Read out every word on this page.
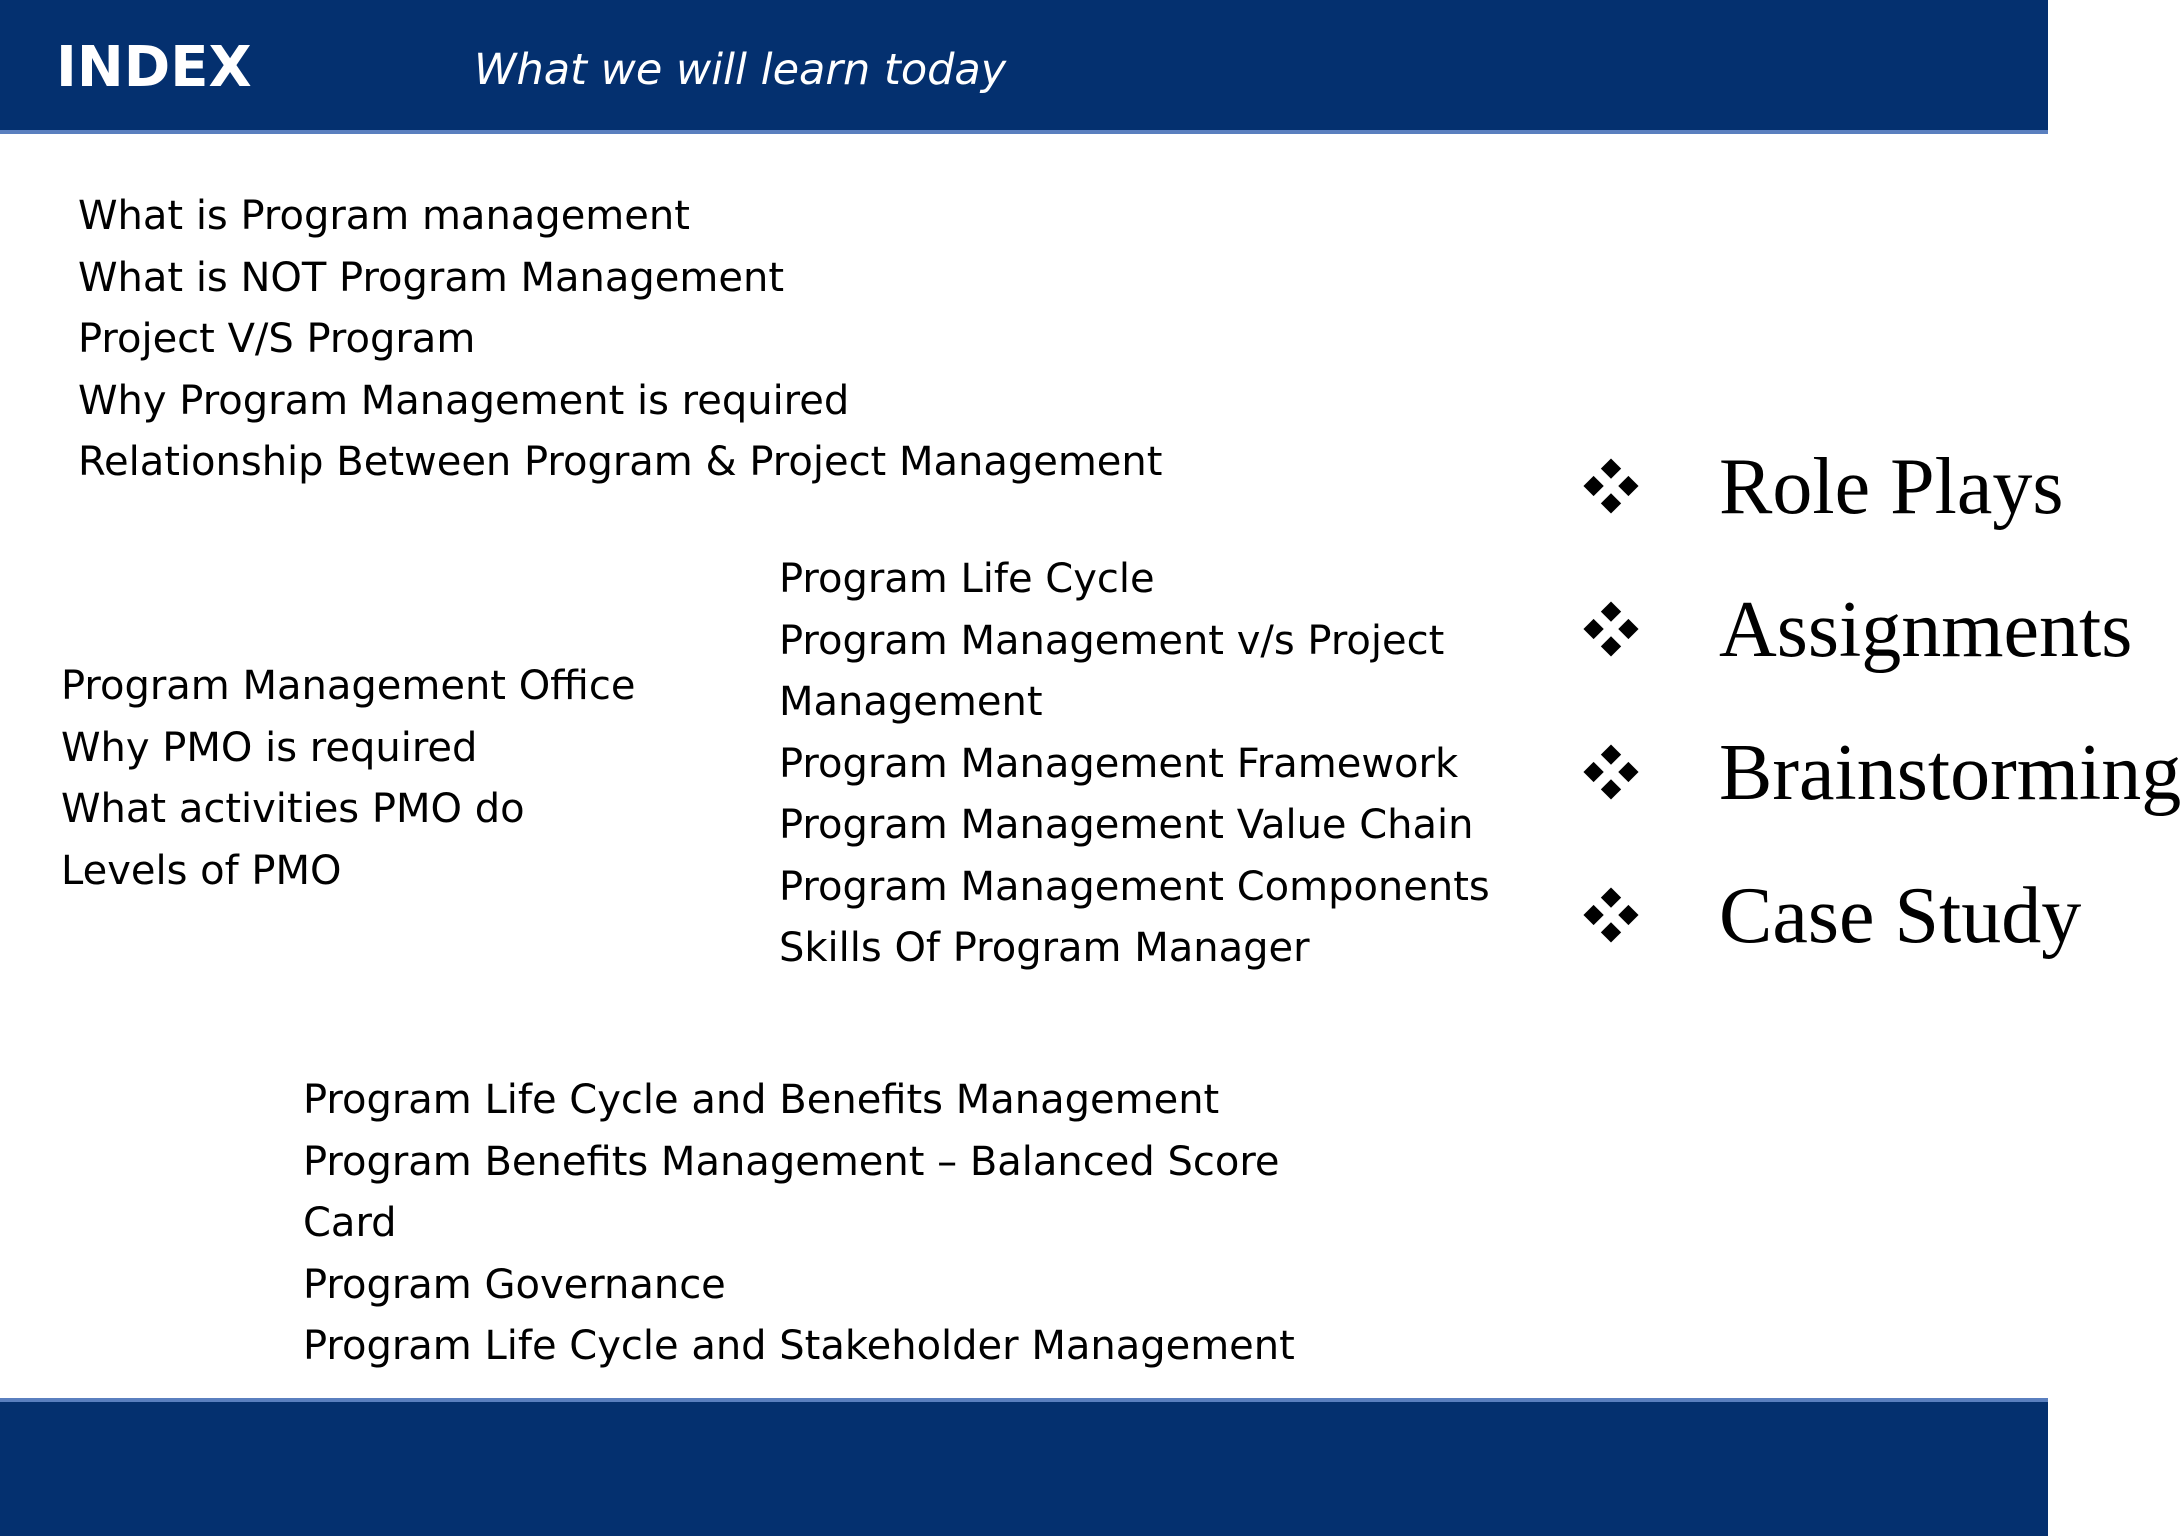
INDEX	What we will learn today
What is Program management
What is NOT Program Management
Project V/S Program
Why Program Management is required
Relationship Between Program & Project Management
Program Management Office
Why PMO is required
What activities PMO do
Levels of PMO
Program Life Cycle
Program Management v/s Project
Management
Program Management Framework
Program Management Value Chain
Program Management Components
Skills Of Program Manager
Program Life Cycle and Benefits Management
Program Benefits Management – Balanced Score
Card
Program Governance
Program Life Cycle and Stakeholder Management
Role Plays
Assignments
Brainstorming
Case Study
